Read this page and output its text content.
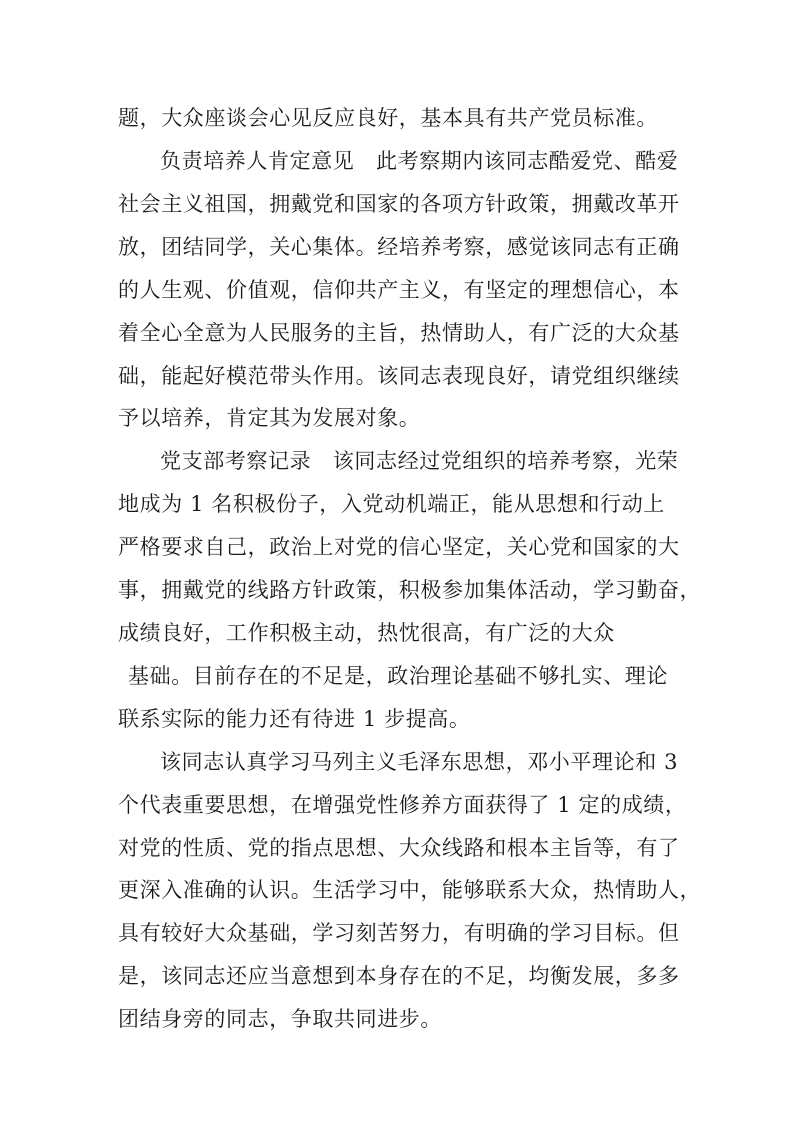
题，大众座谈会心见反应良好，基本具有共产党员标准。
负责培养人肯定意见　此考察期内该同志酷爱党、酷爱
社会主义祖国，拥戴党和国家的各项方针政策，拥戴改革开
放，团结同学，关心集体。经培养考察，感觉该同志有正确
的人生观、价值观，信仰共产主义，有坚定的理想信心，本
着全心全意为人民服务的主旨，热情助人，有广泛的大众基
础，能起好模范带头作用。该同志表现良好，请党组织继续
予以培养，肯定其为发展对象。
党支部考察记录　该同志经过党组织的培养考察，光荣
地成为 1 名积极份子，入党动机端正，能从思想和行动上
严格要求自己，政治上对党的信心坚定，关心党和国家的大
事，拥戴党的线路方针政策，积极参加集体活动，学习勤奋，
成绩良好，工作积极主动，热忱很高，有广泛的大众
基础。目前存在的不足是，政治理论基础不够扎实、理论
联系实际的能力还有待进 1 步提高。
该同志认真学习马列主义毛泽东思想，邓小平理论和 3
个代表重要思想，在增强党性修养方面获得了 1 定的成绩，
对党的性质、党的指点思想、大众线路和根本主旨等，有了
更深入准确的认识。生活学习中，能够联系大众，热情助人，
具有较好大众基础，学习刻苦努力，有明确的学习目标。但
是，该同志还应当意想到本身存在的不足，均衡发展，多多
团结身旁的同志，争取共同进步。
